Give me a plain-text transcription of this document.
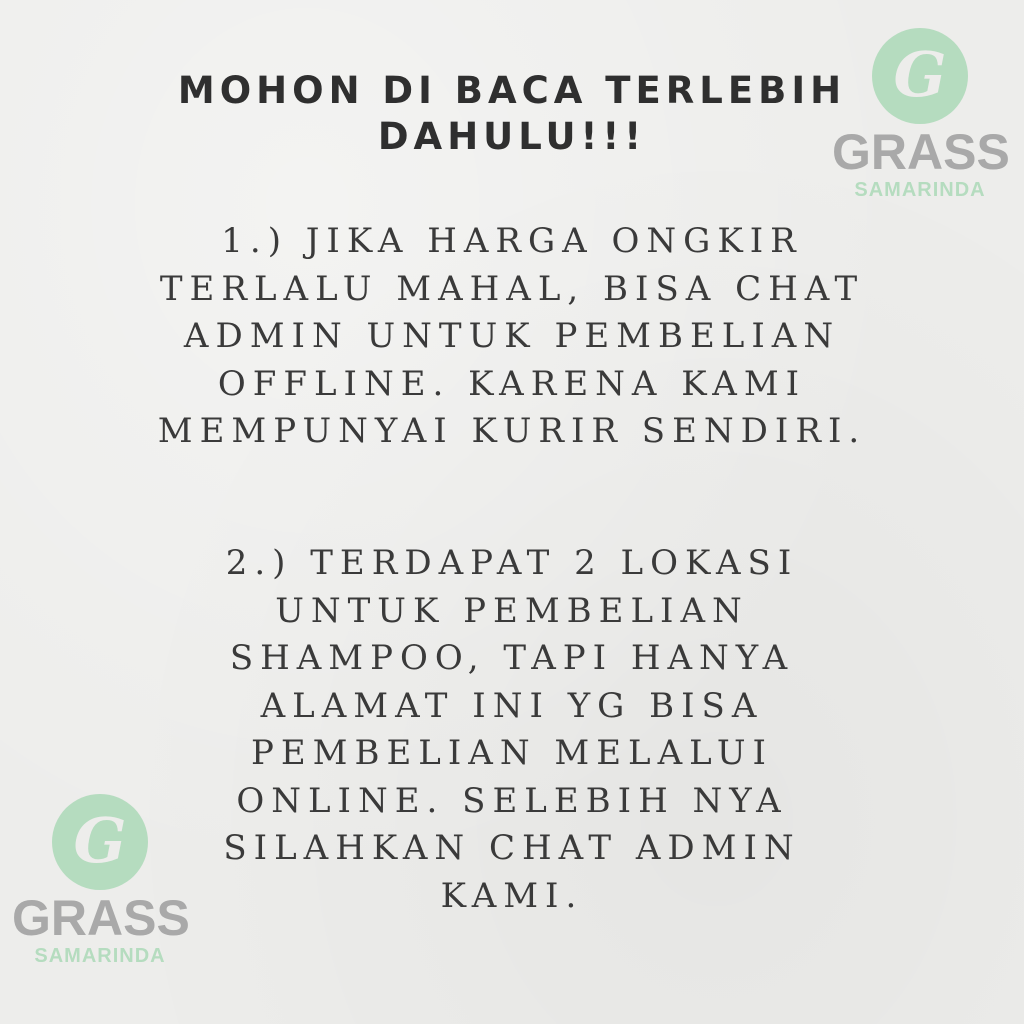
MOHON DI BACA TERLEBIH
DAHULU!!!
1.) JIKA HARGA ONGKIR
TERLALU MAHAL, BISA CHAT
ADMIN UNTUK PEMBELIAN
OFFLINE. KARENA KAMI
MEMPUNYAI KURIR SENDIRI.
2.) TERDAPAT 2 LOKASI
UNTUK PEMBELIAN
SHAMPOO, TAPI HANYA
ALAMAT INI YG BISA
PEMBELIAN MELALUI
ONLINE. SELEBIH NYA
SILAHKAN CHAT ADMIN
KAMI.
G
GRASS
SAMARINDA
G
GRASS
SAMARINDA
